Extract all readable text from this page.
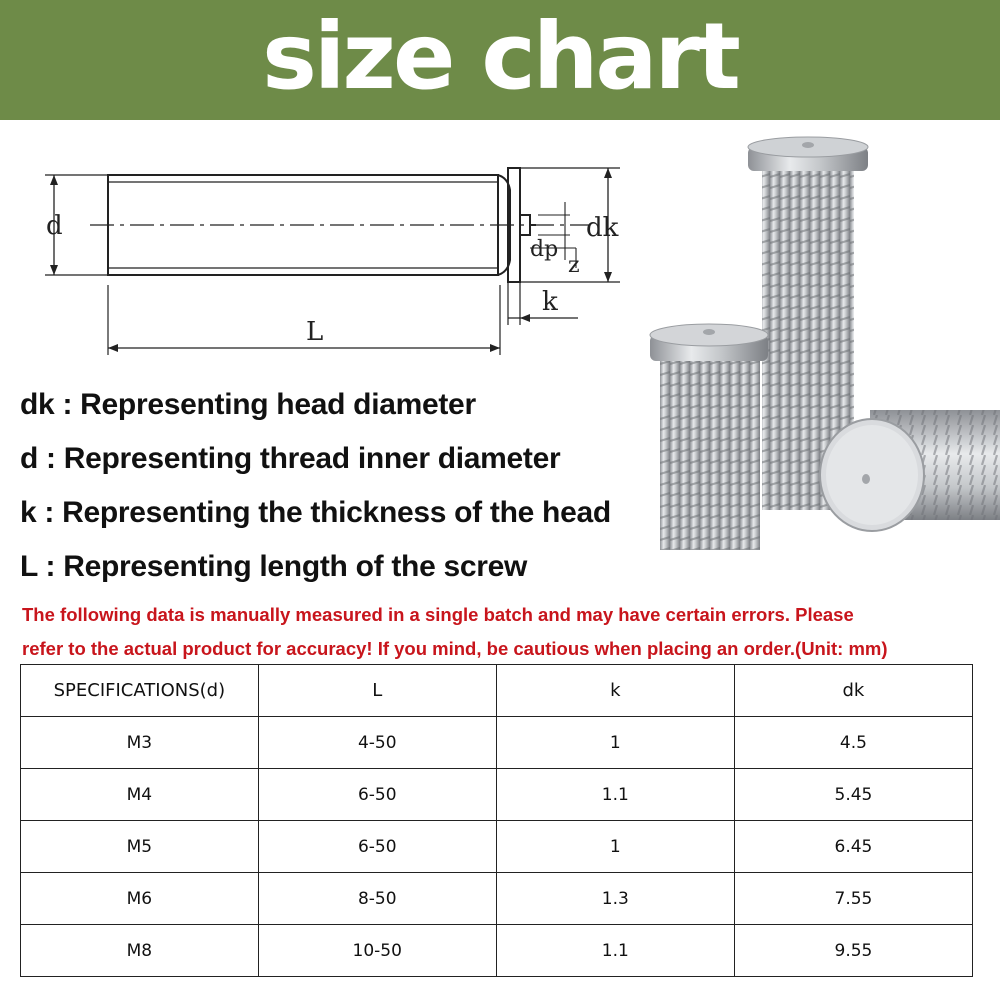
size chart
d	dk
L
k
dp
z
dk : Representing head diameter
d : Representing thread inner diameter
k : Representing the thickness of the head
L : Representing length of the screw
The following data is manually measured in a single batch and may have certain errors. Please
refer to the actual product for accuracy! If you mind, be cautious when placing an order.(Unit: mm)
SPECIFICATIONS(d)	L	k	dk
M3	4-50	1	4.5
M4	6-50	1.1	5.45
M5	6-50	1	6.45
M6	8-50	1.3	7.55
M8	10-50	1.1	9.55
